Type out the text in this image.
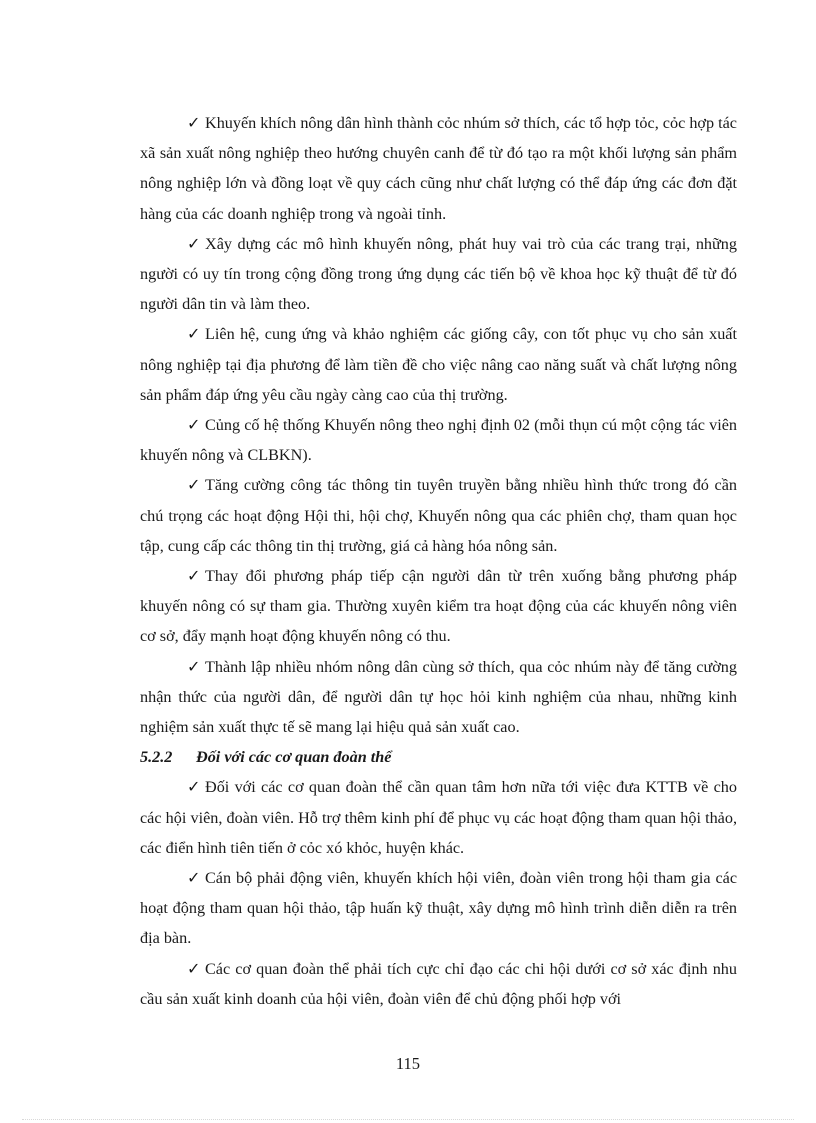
✓ Khuyến khích nông dân hình thành cỏc nhúm sở thích, các tổ hợp tỏc, cỏc hợp tác xã sản xuất nông nghiệp theo hướng chuyên canh để từ đó tạo ra một khối lượng sản phẩm nông nghiệp lớn và đồng loạt về quy cách cũng như chất lượng có thể đáp ứng các đơn đặt hàng của các doanh nghiệp trong và ngoài tỉnh.

✓ Xây dựng các mô hình khuyến nông, phát huy vai trò của các trang trại, những người có uy tín trong cộng đồng trong ứng dụng các tiến bộ về khoa học kỹ thuật để từ đó người dân tin và làm theo.

✓ Liên hệ, cung ứng và khảo nghiệm các giống cây, con tốt phục vụ cho sản xuất nông nghiệp tại địa phương để làm tiền đề cho việc nâng cao năng suất và chất lượng nông sản phẩm đáp ứng yêu cầu ngày càng cao của thị trường.

✓ Củng cố hệ thống Khuyến nông theo nghị định 02 (mỗi thụn cú một cộng tác viên khuyến nông và CLBKN).

✓ Tăng cường công tác thông tin tuyên truyền bằng nhiều hình thức trong đó cần chú trọng các hoạt động Hội thi, hội chợ, Khuyến nông qua các phiên chợ, tham quan học tập, cung cấp các thông tin thị trường, giá cả hàng hóa nông sản.

✓ Thay đổi phương pháp tiếp cận người dân từ trên xuống bằng phương pháp khuyến nông có sự tham gia. Thường xuyên kiểm tra hoạt động của các khuyến nông viên cơ sở, đẩy mạnh hoạt động khuyến nông có thu.

✓ Thành lập nhiều nhóm nông dân cùng sở thích, qua cỏc nhúm này để tăng cường nhận thức của người dân, để người dân tự học hỏi kinh nghiệm của nhau, những kinh nghiệm sản xuất thực tế sẽ mang lại hiệu quả sản xuất cao.

5.2.2 Đối với các cơ quan đoàn thể

✓ Đối với các cơ quan đoàn thể cần quan tâm hơn nữa tới việc đưa KTTB về cho các hội viên, đoàn viên. Hỗ trợ thêm kinh phí để phục vụ các hoạt động tham quan hội thảo, các điển hình tiên tiến ở cỏc xó khỏc, huyện khác.

✓ Cán bộ phải động viên, khuyến khích hội viên, đoàn viên trong hội tham gia các hoạt động tham quan hội thảo, tập huấn kỹ thuật, xây dựng mô hình trình diễn diễn ra trên địa bàn.

✓ Các cơ quan đoàn thể phải tích cực chỉ đạo các chi hội dưới cơ sở xác định nhu cầu sản xuất kinh doanh của hội viên, đoàn viên để chủ động phối hợp với

115
